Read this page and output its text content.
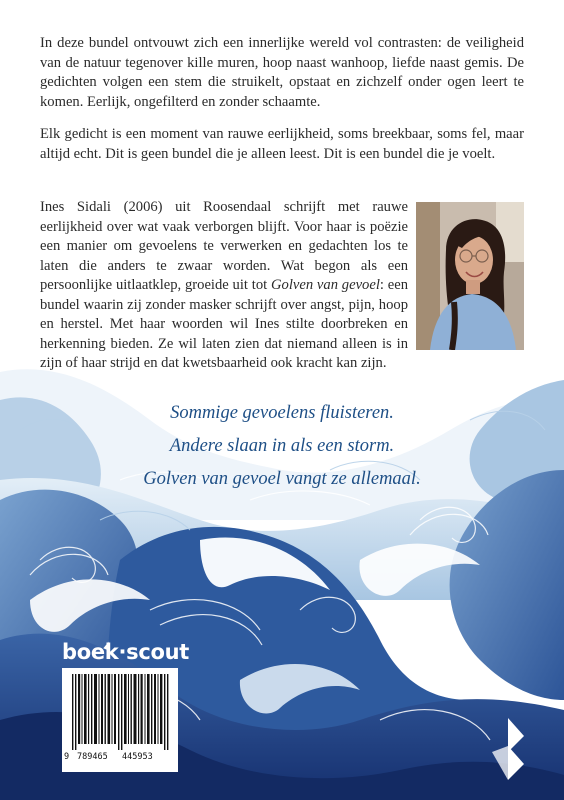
In deze bundel ontvouwt zich een innerlijke wereld vol contrasten: de veiligheid van de natuur tegenover kille muren, hoop naast wanhoop, liefde naast gemis. De gedichten volgen een stem die struikelt, opstaat en zichzelf onder ogen leert te komen. Eerlijk, ongefilterd en zonder schaamte.

Elk gedicht is een moment van rauwe eerlijkheid, soms breekbaar, soms fel, maar altijd echt. Dit is geen bundel die je alleen leest. Dit is een bundel die je voelt.

Ines Sidali (2006) uit Roosendaal schrijft met rauwe eerlijkheid over wat vaak verborgen blijft. Voor haar is poëzie een manier om gevoelens te verwerken en gedachten los te laten die anders te zwaar worden. Wat begon als een persoonlijke uitlaatklep, groeide uit tot Golven van gevoel: een bundel waarin zij zonder masker schrijft over angst, pijn, hoop en herstel. Met haar woorden wil Ines stilte doorbreken en herkenning bieden. Ze wil laten zien dat niemand alleen is in zijn of haar strijd en dat kwetsbaarheid ook kracht kan zijn.

Sommige gevoelens fluisteren.

Andere slaan in als een storm.

Golven van gevoel vangt ze allemaal.

boek·scout
9 789465 445953
